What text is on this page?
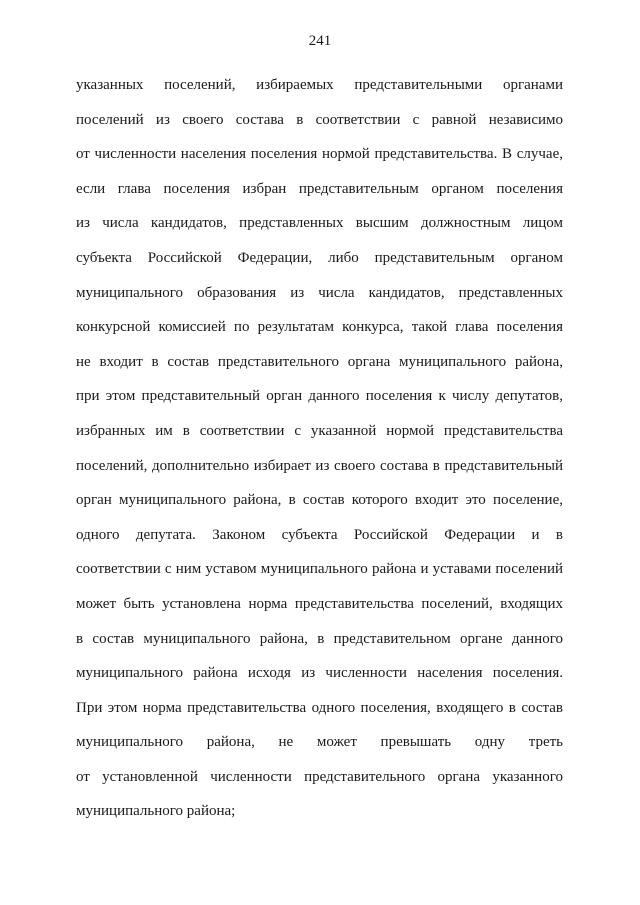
241
указанных поселений, избираемых представительными органами
поселений из своего состава в соответствии с равной независимо
от численности населения поселения нормой представительства. В случае,
если глава поселения избран представительным органом поселения
из числа кандидатов, представленных высшим должностным лицом
субъекта Российской Федерации, либо представительным органом
муниципального образования из числа кандидатов, представленных
конкурсной комиссией по результатам конкурса, такой глава поселения
не входит в состав представительного органа муниципального района,
при этом представительный орган данного поселения к числу депутатов,
избранных им в соответствии с указанной нормой представительства
поселений, дополнительно избирает из своего состава в представительный
орган муниципального района, в состав которого входит это поселение,
одного депутата. Законом субъекта Российской Федерации и в
соответствии с ним уставом муниципального района и уставами поселений
может быть установлена норма представительства поселений, входящих
в состав муниципального района, в представительном органе данного
муниципального района исходя из численности населения поселения.
При этом норма представительства одного поселения, входящего в состав
муниципального района, не может превышать одну треть
от установленной численности представительного органа указанного
муниципального района;
